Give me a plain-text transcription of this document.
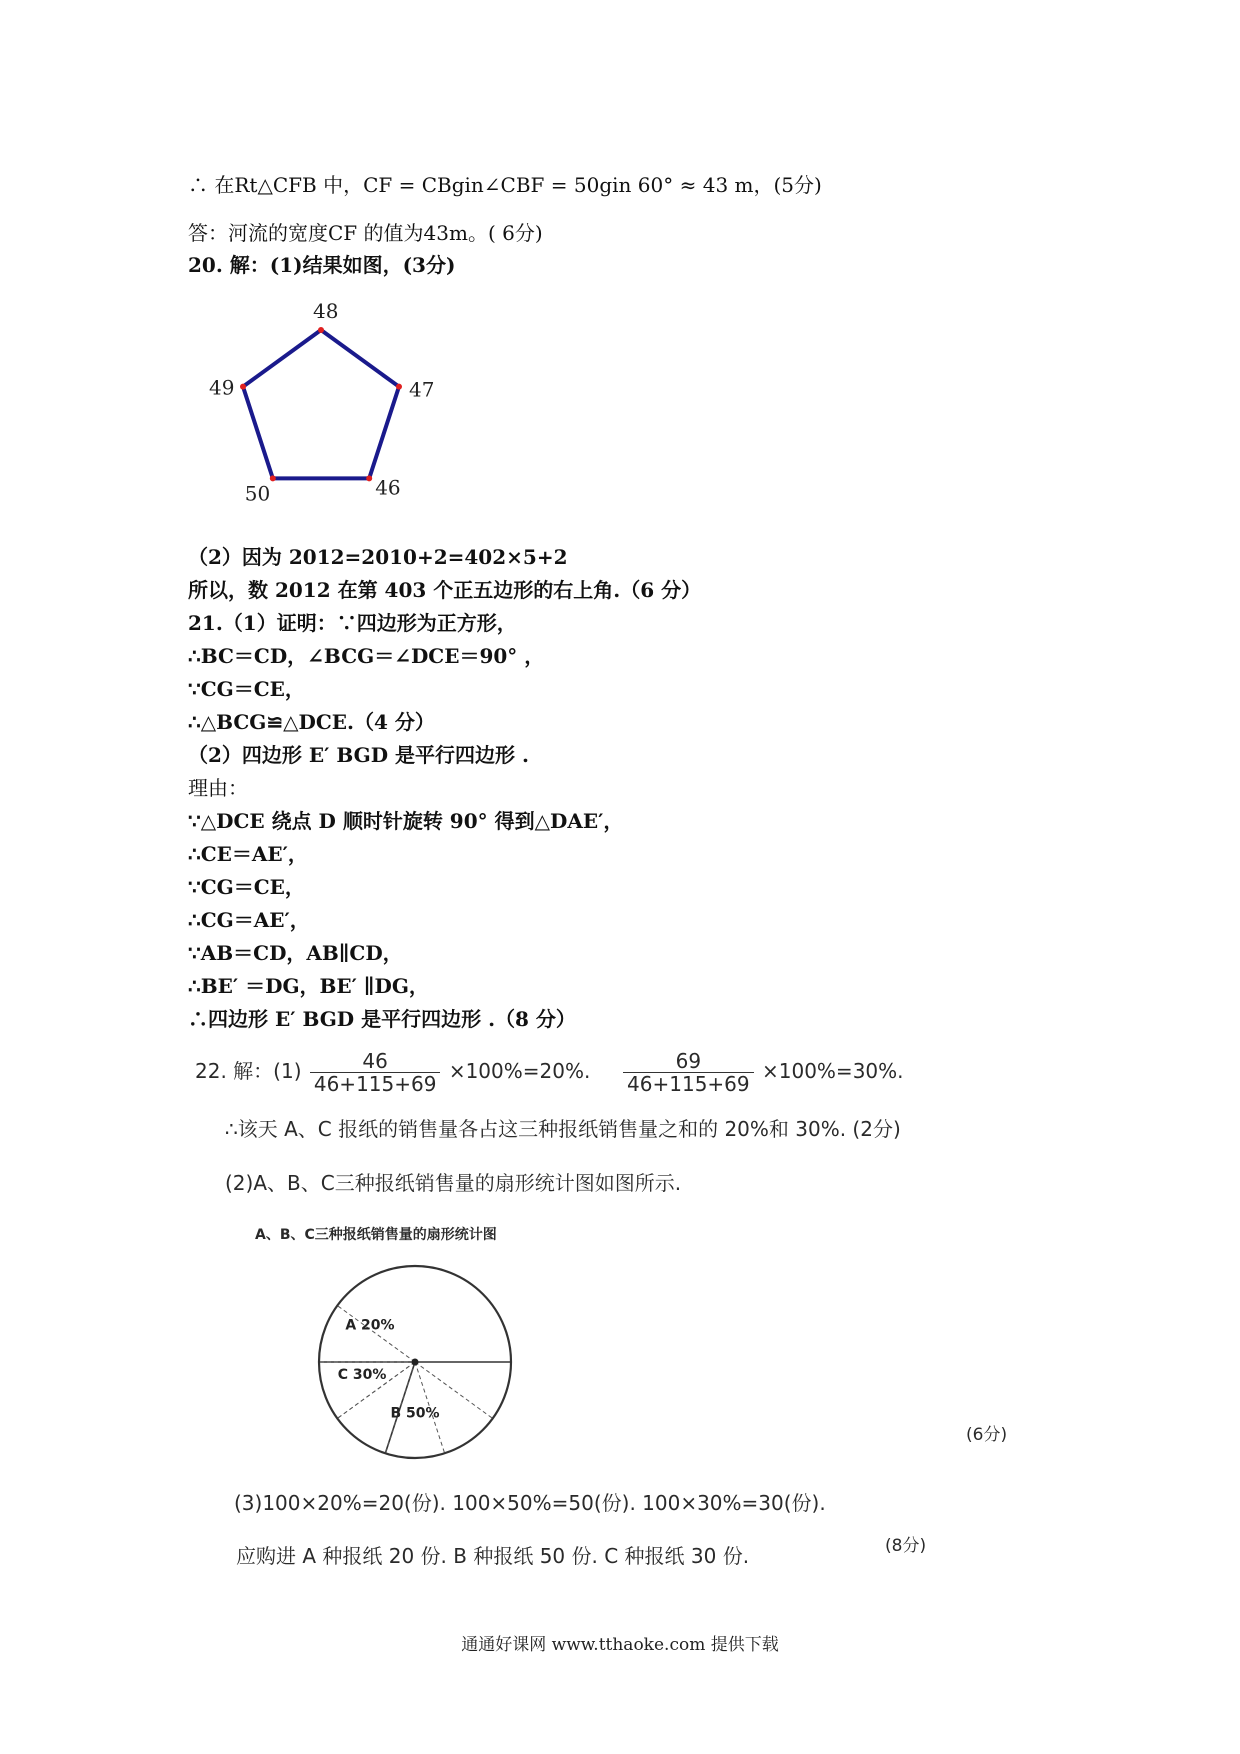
∴ 在Rt△CFB 中，CF = CBgin∠CBF = 50gin 60° ≈ 43 m，(5分)
答：河流的宽度CF 的值为43m。( 6分)
20. 解：(1)结果如图，(3分)
48
47
46
50
49
（2）因为 2012=2010+2=402×5+2
所以，数 2012 在第 403 个正五边形的右上角.（6 分）
21.（1）证明：∵四边形为正方形，
∴BC＝CD，∠BCG＝∠DCE＝90° ，
∵CG＝CE，
∴△BCG≌△DCE.（4 分）
（2）四边形 E′ BGD 是平行四边形 .
理由：
∵△DCE 绕点 D 顺时针旋转 90° 得到△DAE′，
∴CE＝AE′，
∵CG＝CE，
∴CG＝AE′，
∵AB＝CD，AB∥CD，
∴BE′ ＝DG，BE′ ∥DG，
∴四边形 E′ BGD 是平行四边形 .（8 分）
22. 解：$(1) \frac{46}{46+115+69} \times 100\%=20\%$. $\frac{69}{46+115+69} \times 100\%=30\%$.
∴该天 A、C 报纸的销售量各占这三种报纸销售量之和的 20%和 30%. (2分)
(2)A、B、C三种报纸销售量的扇形统计图如图所示.
A、B、C三种报纸销售量的扇形统计图
A 20%
C 30%
B 50%
(6分)
(3)100×20%=20(份). 100×50%=50(份). 100×30%=30(份).
应购进 A 种报纸 20 份. B 种报纸 50 份. C 种报纸 30 份.	(8分)
通通好课网 www.tthaoke.com 提供下载
